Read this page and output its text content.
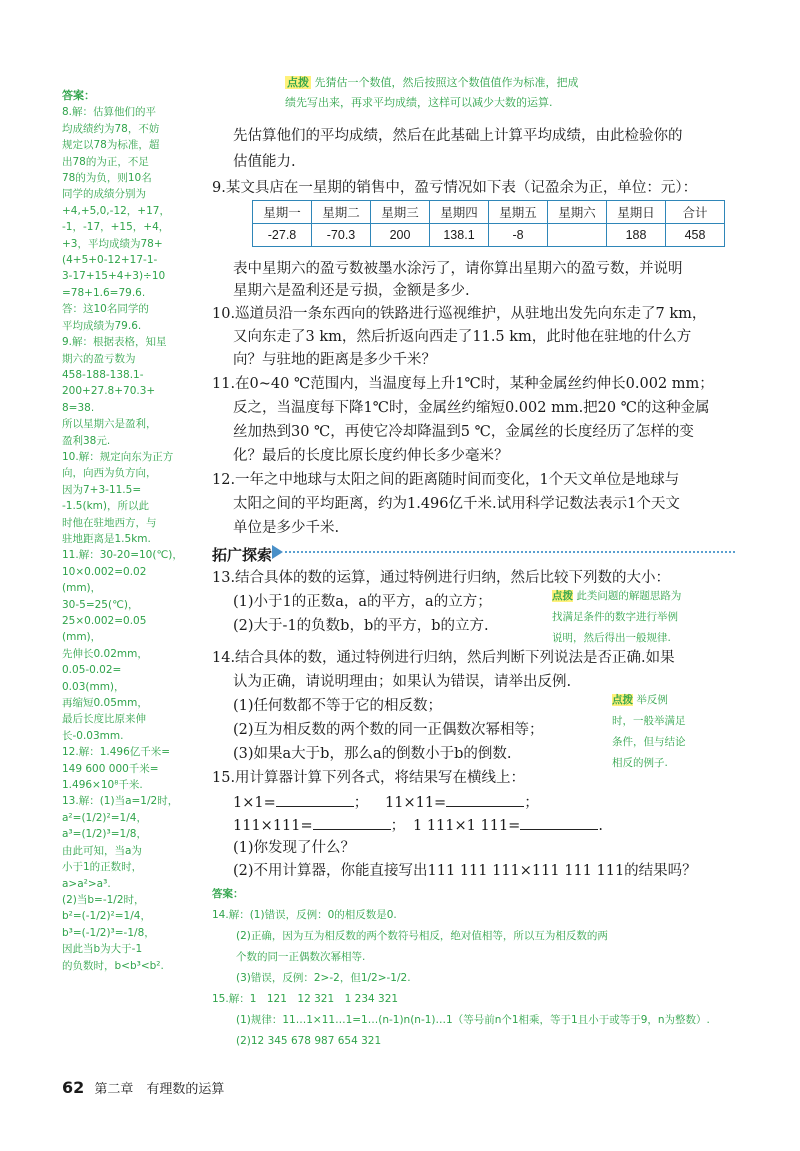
答案：

8.解：估算他们的平

均成绩约为78，不妨

规定以78为标准，超

出78的为正，不足

78的为负，则10名

同学的成绩分别为

+4,+5,0,-12，+17，

-1，-17，+15，+4，

+3，平均成绩为78+

(4+5+0-12+17-1-

3-17+15+4+3)÷10

=78+1.6=79.6.

答：这10名同学的

平均成绩为79.6.

9.解：根据表格，知星

期六的盈亏数为

458-188-138.1-

200+27.8+70.3+

8=38.

所以星期六是盈利，

盈利38元.

10.解：规定向东为正方

向，向西为负方向，

因为7+3-11.5=

-1.5(km)，所以此

时他在驻地西方，与

驻地距离是1.5km.

11.解：30-20=10(℃)，

10×0.002=0.02

(mm)，

30-5=25(℃)，

25×0.002=0.05

(mm)，

先伸长0.02mm，

0.05-0.02=

0.03(mm)，

再缩短0.05mm，

最后长度比原来伸

长-0.03mm.

12.解：1.496亿千米=

149 600 000千米=

1.496×10⁸千米.

13.解：(1)当a=1/2时，

a²=(1/2)²=1/4，

a³=(1/2)³=1/8，

由此可知，当a为

小于1的正数时，

a>a²>a³.

(2)当b=-1/2时，

b²=(-1/2)²=1/4，

b³=(-1/2)³=-1/8，

因此当b为大于-1

的负数时，b<b³<b².

点拨 先猜估一个数值，然后按照这个数值值作为标准，把成
绩先写出来，再求平均成绩，这样可以减少大数的运算.
先估算他们的平均成绩，然后在此基础上计算平均成绩，由此检验你的
估值能力.
9.某文具店在一星期的销售中，盈亏情况如下表（记盈余为正，单位：元）：
星期一	星期二	星期三	星期四	星期五	星期六	星期日	合计
-27.8	-70.3	200	138.1	-8		188	458
表中星期六的盈亏数被墨水涂污了，请你算出星期六的盈亏数，并说明
星期六是盈利还是亏损，金额是多少.
10.巡道员沿一条东西向的铁路进行巡视维护，从驻地出发先向东走了7 km，
又向东走了3 km，然后折返向西走了11.5 km，此时他在驻地的什么方
向？与驻地的距离是多少千米？
11.在0~40 ℃范围内，当温度每上升1℃时，某种金属丝约伸长0.002 mm；
反之，当温度每下降1℃时，金属丝约缩短0.002 mm.把20 ℃的这种金属
丝加热到30 ℃，再使它冷却降温到5 ℃，金属丝的长度经历了怎样的变
化？最后的长度比原长度约伸长多少毫米？
12.一年之中地球与太阳之间的距离随时间而变化，1个天文单位是地球与
太阳之间的平均距离，约为1.496亿千米.试用科学记数法表示1个天文
单位是多少千米.
拓广探索
13.结合具体的数的运算，通过特例进行归纳，然后比较下列数的大小：
(1)小于1的正数a，a的平方，a的立方；
(2)大于-1的负数b，b的平方，b的立方.
点拨 此类问题的解题思路为
找满足条件的数字进行举例
说明，然后得出一般规律.
14.结合具体的数，通过特例进行归纳，然后判断下列说法是否正确.如果
认为正确，请说明理由；如果认为错误，请举出反例.
(1)任何数都不等于它的相反数；
(2)互为相反数的两个数的同一正偶数次幂相等；
(3)如果a大于b，那么a的倒数小于b的倒数.
点拨 举反例
时，一般举满足
条件，但与结论
相反的例子.
15.用计算器计算下列各式，将结果写在横线上：
1×1=	； 11×11=	；
111×111=	； 1 111×1 111=	.
(1)你发现了什么？
(2)不用计算器，你能直接写出111 111 111×111 111 111的结果吗？

答案：

14.解：(1)错误，反例：0的相反数是0.

(2)正确，因为互为相反数的两个数符号相反，绝对值相等，所以互为相反数的两

个数的同一正偶数次幂相等.

(3)错误，反例：2>-2，但1/2>-1/2.

15.解：1　121　12 321　1 234 321

(1)规律：11…1×11…1=1…(n-1)n(n-1)…1（等号前n个1相乘，等于1且小于或等于9，n为整数）.

(2)12 345 678 987 654 321

62 第二章　有理数的运算
